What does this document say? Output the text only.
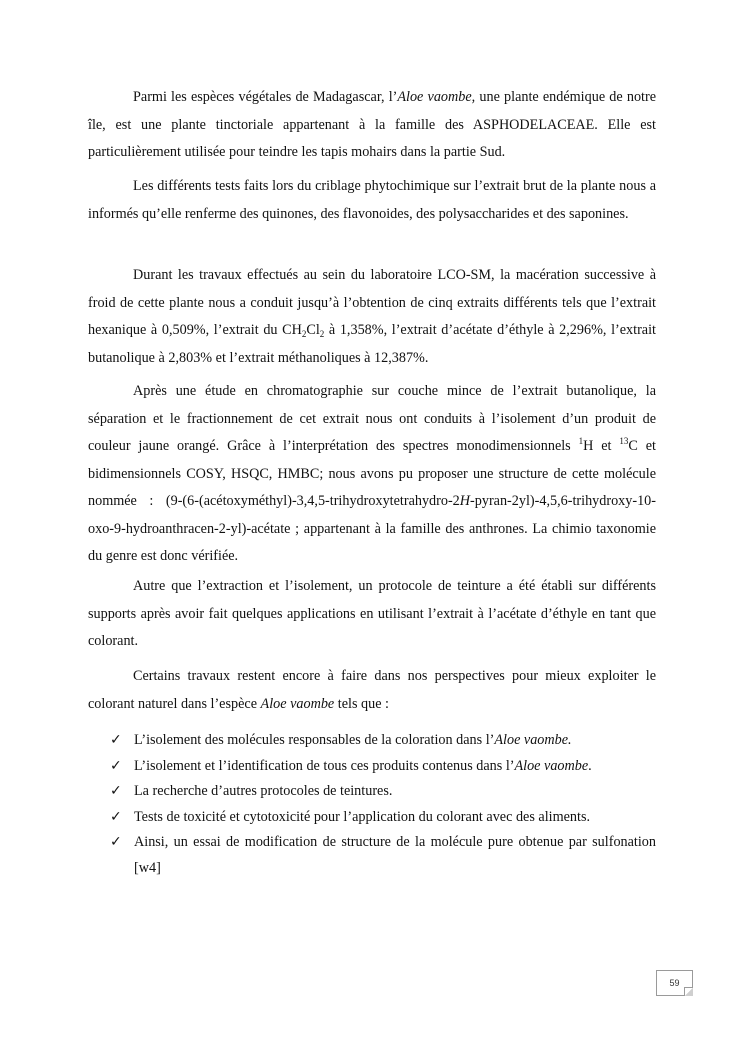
Parmi les espèces végétales de Madagascar, l’Aloe vaombe, une plante endémique de notre île, est une plante tinctoriale appartenant à la famille des ASPHODELACEAE. Elle est particulièrement utilisée pour teindre les tapis mohairs dans la partie Sud.

Les différents tests faits lors du criblage phytochimique sur l’extrait brut de la plante nous a informés qu’elle renferme des quinones, des flavonoides, des polysaccharides et des saponines.

Durant les travaux effectués au sein du laboratoire LCO-SM, la macération successive à froid de cette plante nous a conduit jusqu’à l’obtention de cinq extraits différents tels que l’extrait hexanique à 0,509%, l’extrait du $CH_2Cl_2$ à 1,358%, l’extrait d’acétate d’éthyle à 2,296%, l’extrait butanolique à 2,803% et l’extrait méthanoliques à 12,387%.

Après une étude en chromatographie sur couche mince de l’extrait butanolique, la séparation et le fractionnement de cet extrait nous ont conduits à l’isolement d’un produit de couleur jaune orangé. Grâce à l’interprétation des spectres monodimensionnels $^1$H et $^{13}$C et bidimensionnels COSY, HSQC, HMBC; nous avons pu proposer une structure de cette molécule nommée : (9-(6-(acétoxyméthyl)-3,4,5-trihydroxytetrahydro-2H-pyran-2yl)-4,5,6-trihydroxy-10-oxo-9-hydroanthracen-2-yl)-acétate ; appartenant à la famille des anthrones. La chimio taxonomie du genre est donc vérifiée.

Autre que l’extraction et l’isolement, un protocole de teinture a été établi sur différents supports après avoir fait quelques applications en utilisant l’extrait à l’acétate d’éthyle en tant que colorant.

Certains travaux restent encore à faire dans nos perspectives pour mieux exploiter le colorant naturel dans l’espèce Aloe vaombe tels que :

✓ L’isolement des molécules responsables de la coloration dans l’Aloe vaombe.
✓ L’isolement et l’identification de tous ces produits contenus dans l’Aloe vaombe.
✓ La recherche d’autres protocoles de teintures.
✓ Tests de toxicité et cytotoxicité pour l’application du colorant avec des aliments.
✓ Ainsi, un essai de modification de structure de la molécule pure obtenue par sulfonation [w4]
59
